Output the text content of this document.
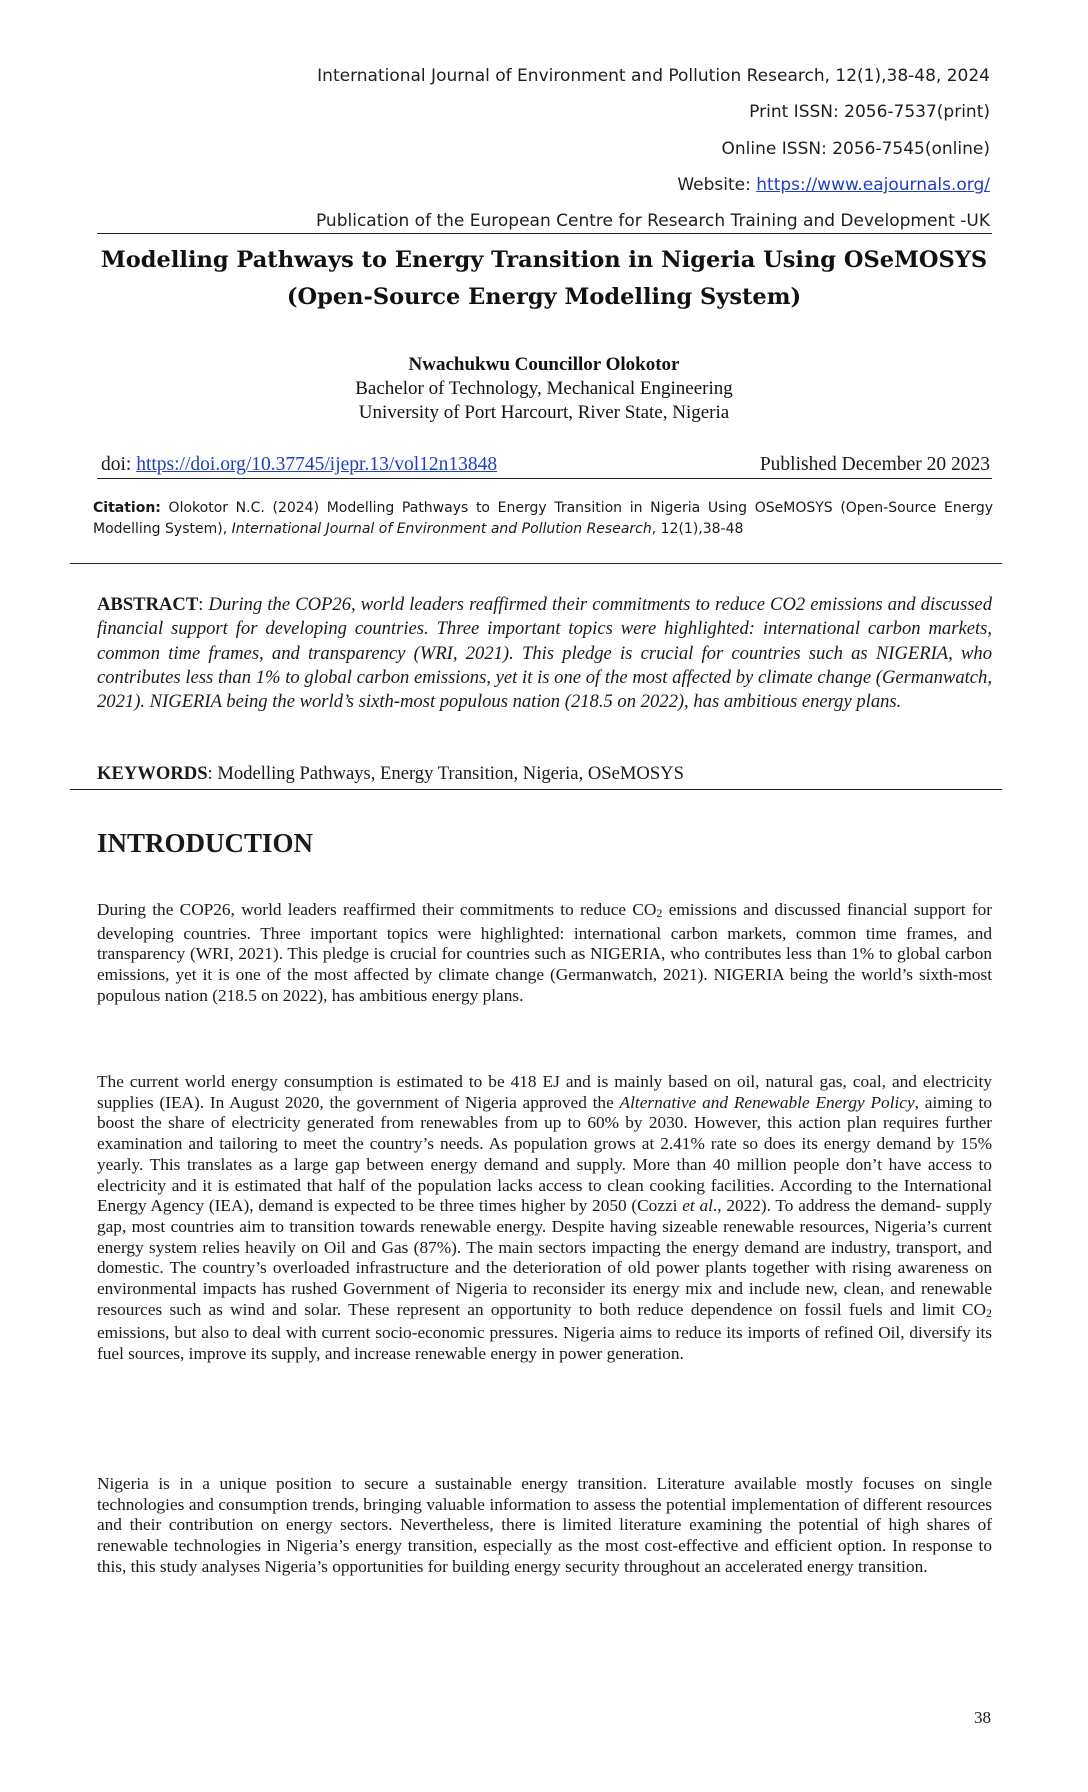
International Journal of Environment and Pollution Research, 12(1),38-48, 2024
Print ISSN: 2056-7537(print)
Online ISSN: 2056-7545(online)
Website: https://www.eajournals.org/
Publication of the European Centre for Research Training and Development -UK
Modelling Pathways to Energy Transition in Nigeria Using OSeMOSYS
(Open-Source Energy Modelling System)
Nwachukwu Councillor Olokotor
Bachelor of Technology, Mechanical Engineering
University of Port Harcourt, River State, Nigeria
doi: https://doi.org/10.37745/ijepr.13/vol12n13848	Published December 20 2023
Citation: Olokotor N.C. (2024) Modelling Pathways to Energy Transition in Nigeria Using OSeMOSYS (Open-Source Energy Modelling System), International Journal of Environment and Pollution Research, 12(1),38-48
ABSTRACT: During the COP26, world leaders reaffirmed their commitments to reduce CO2 emissions and discussed financial support for developing countries. Three important topics were highlighted: international carbon markets, common time frames, and transparency (WRI, 2021). This pledge is crucial for countries such as NIGERIA, who contributes less than 1% to global carbon emissions, yet it is one of the most affected by climate change (Germanwatch, 2021). NIGERIA being the world’s sixth-most populous nation (218.5 on 2022), has ambitious energy plans.
KEYWORDS: Modelling Pathways, Energy Transition, Nigeria, OSeMOSYS
INTRODUCTION
During the COP26, world leaders reaffirmed their commitments to reduce CO2 emissions and discussed financial support for developing countries. Three important topics were highlighted: international carbon markets, common time frames, and transparency (WRI, 2021). This pledge is crucial for countries such as NIGERIA, who contributes less than 1% to global carbon emissions, yet it is one of the most affected by climate change (Germanwatch, 2021). NIGERIA being the world’s sixth-most populous nation (218.5 on 2022), has ambitious energy plans.
The current world energy consumption is estimated to be 418 EJ and is mainly based on oil, natural gas, coal, and electricity supplies (IEA). In August 2020, the government of Nigeria approved the Alternative and Renewable Energy Policy, aiming to boost the share of electricity generated from renewables from up to 60% by 2030. However, this action plan requires further examination and tailoring to meet the country’s needs. As population grows at 2.41% rate so does its energy demand by 15% yearly. This translates as a large gap between energy demand and supply. More than 40 million people don’t have access to electricity and it is estimated that half of the population lacks access to clean cooking facilities. According to the International Energy Agency (IEA), demand is expected to be three times higher by 2050 (Cozzi et al., 2022). To address the demand- supply gap, most countries aim to transition towards renewable energy. Despite having sizeable renewable resources, Nigeria’s current energy system relies heavily on Oil and Gas (87%). The main sectors impacting the energy demand are industry, transport, and domestic. The country’s overloaded infrastructure and the deterioration of old power plants together with rising awareness on environmental impacts has rushed Government of Nigeria to reconsider its energy mix and include new, clean, and renewable resources such as wind and solar. These represent an opportunity to both reduce dependence on fossil fuels and limit CO2 emissions, but also to deal with current socio-economic pressures. Nigeria aims to reduce its imports of refined Oil, diversify its fuel sources, improve its supply, and increase renewable energy in power generation.
Nigeria is in a unique position to secure a sustainable energy transition. Literature available mostly focuses on single technologies and consumption trends, bringing valuable information to assess the potential implementation of different resources and their contribution on energy sectors. Nevertheless, there is limited literature examining the potential of high shares of renewable technologies in Nigeria’s energy transition, especially as the most cost-effective and efficient option. In response to this, this study analyses Nigeria’s opportunities for building energy security throughout an accelerated energy transition.
38
